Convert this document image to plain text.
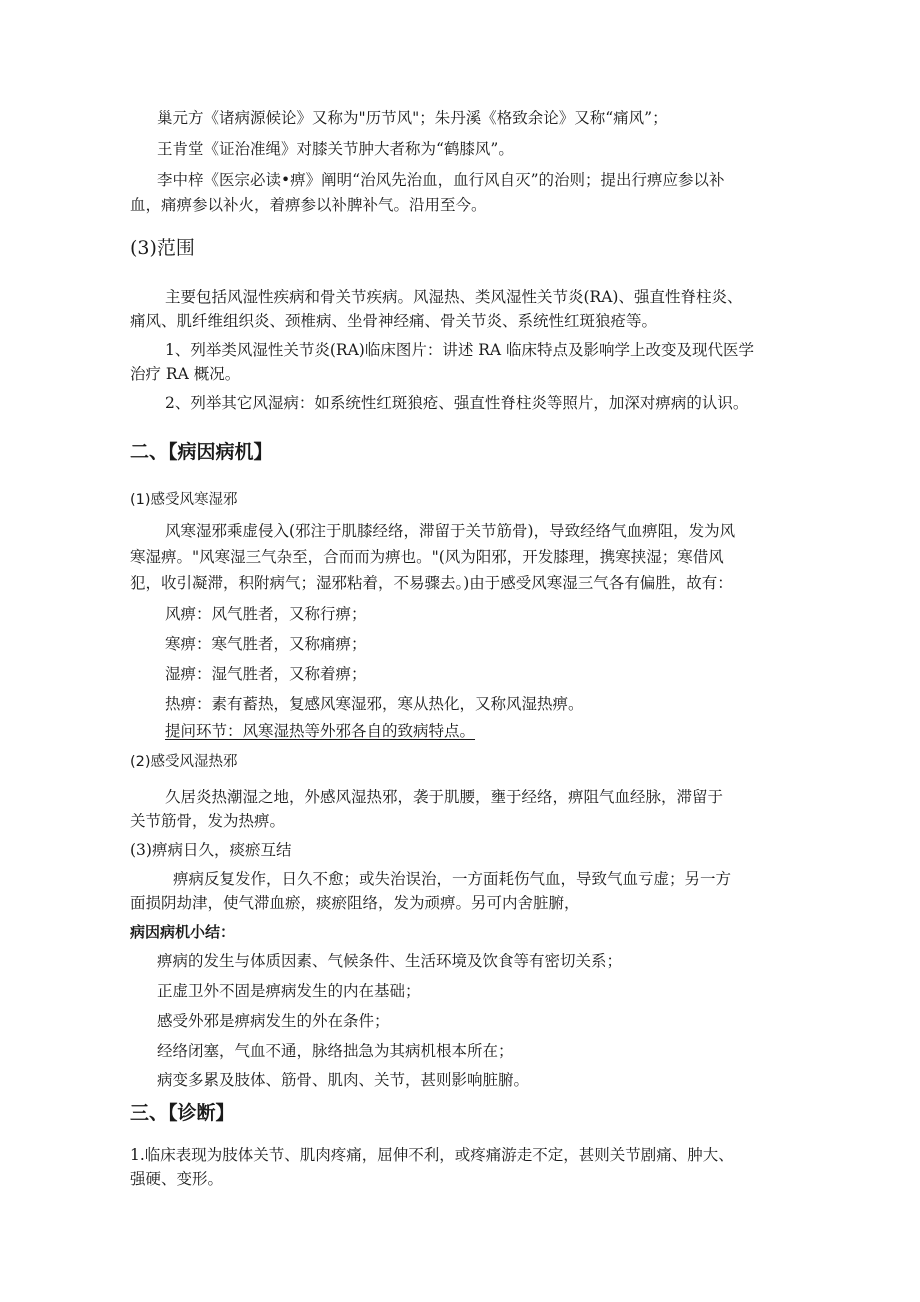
巢元方《诸病源候论》又称为"历节风"；朱丹溪《格致余论》又称“痛风”；
王肯堂《证治准绳》对膝关节肿大者称为“鹤膝风”。
李中梓《医宗必读•痹》阐明“治风先治血，血行风自灭”的治则；提出行痹应参以补
血，痛痹参以补火，着痹参以补脾补气。沿用至今。
(3)范围
主要包括风湿性疾病和骨关节疾病。风湿热、类风湿性关节炎(RA)、强直性脊柱炎、
痛风、肌纤维组织炎、颈椎病、坐骨神经痛、骨关节炎、系统性红斑狼疮等。
1、列举类风湿性关节炎(RA)临床图片：讲述 RA 临床特点及影响学上改变及现代医学
治疗 RA 概况。
2、列举其它风湿病：如系统性红斑狼疮、强直性脊柱炎等照片，加深对痹病的认识。
二、【病因病机】
(1)感受风寒湿邪
风寒湿邪乘虚侵入(邪注于肌膝经络，滞留于关节筋骨)，导致经络气血痹阻，发为风
寒湿痹。"风寒湿三气杂至，合而而为痹也。"(风为阳邪，开发膝理，携寒挟湿；寒借风
犯，收引凝滞，积附病气；湿邪粘着，不易骤去。)由于感受风寒湿三气各有偏胜，故有：
风痹：风气胜者，又称行痹；
寒痹：寒气胜者，又称痛痹；
湿痹：湿气胜者，又称着痹；
热痹：素有蓄热，复感风寒湿邪，寒从热化，又称风湿热痹。
提问环节：风寒湿热等外邪各自的致病特点。
(2)感受风湿热邪
久居炎热潮湿之地，外感风湿热邪，袭于肌腰，壅于经络，痹阻气血经脉，滞留于
关节筋骨，发为热痹。
(3)痹病日久，痰瘀互结
痹病反复发作，日久不愈；或失治误治，一方面耗伤气血，导致气血亏虚；另一方
面损阴劫津，使气滞血瘀，痰瘀阻络，发为顽痹。另可内舍脏腑，
病因病机小结：
痹病的发生与体质因素、气候条件、生活环境及饮食等有密切关系；
正虚卫外不固是痹病发生的内在基础；
感受外邪是痹病发生的外在条件；
经络闭塞，气血不通，脉络拙急为其病机根本所在；
病变多累及肢体、筋骨、肌肉、关节，甚则影响脏腑。
三、【诊断】
1.临床表现为肢体关节、肌肉疼痛，屈伸不利，或疼痛游走不定，甚则关节剧痛、肿大、
强硬、变形。
